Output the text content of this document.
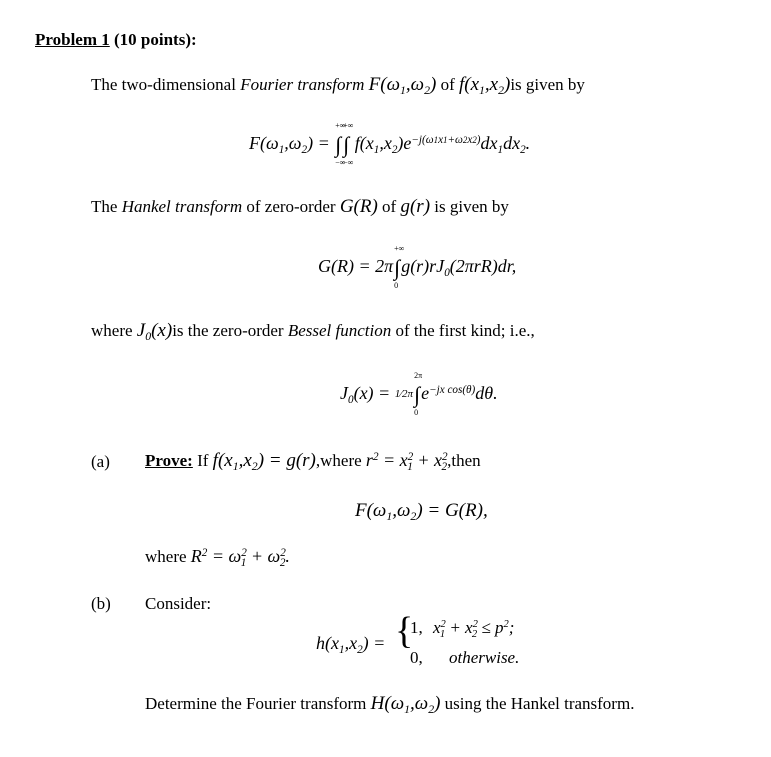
Problem 1 (10 points):
The two-dimensional Fourier transform $F(\omega_1,\omega_2)$ of $f(x_1,x_2)is$ given by
$F(\omega_1,\omega_2)$ = ∫
+∞
−∞
∫
+∞
−∞
$f(x_1,x_2)e^{-j(\omega 1x1+\omega 2x2)}dx_1dx_2$.
The Hankel transform of zero-order G(R) of g(r) is given by
G(R) = 2π∫
+∞
0
$g(r)rJ_0(2\pi rR)dr$,
where $J_0(x)is$ the zero-order Bessel function of the first kind; i.e.,
$J_0(x)$ = 1⁄2π∫
2π
0
$e^{-jx cos(\theta)}d\theta$.
(a) Prove: If $f(x_1,x_2)$ = g(r),where $r^2 = x^2_1$ + $x^2_2,then$
$F(\omega_1,\omega_2) = G(R)$,
where $R^2 = \omega^2_1 + \omega^2_2$.
(b) Consider:
$h(x_1,x_2)$ = {
1, $x^2_1 + x^2_2 \le p^2$;
0, otherwise.
Determine the Fourier transform $H(\omega_1,\omega_2)$ using the Hankel transform.
